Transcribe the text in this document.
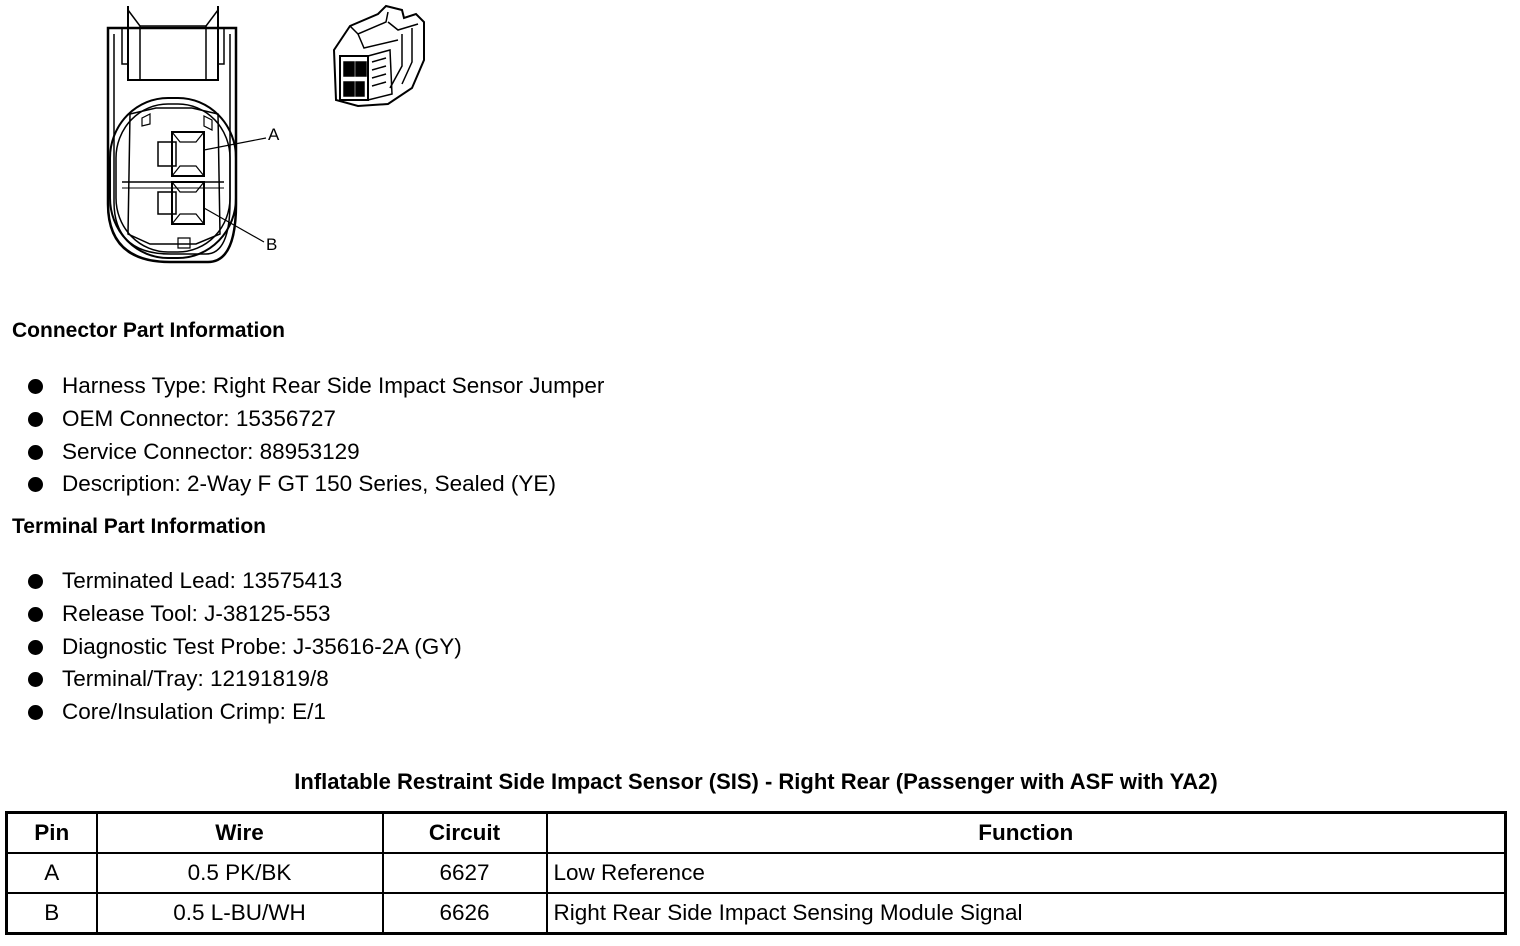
A
B
Connector Part Information
Harness Type: Right Rear Side Impact Sensor Jumper
OEM Connector: 15356727
Service Connector: 88953129
Description: 2-Way F GT 150 Series, Sealed (YE)
Terminal Part Information
Terminated Lead: 13575413
Release Tool: J-38125-553
Diagnostic Test Probe: J-35616-2A (GY)
Terminal/Tray: 12191819/8
Core/Insulation Crimp: E/1
Inflatable Restraint Side Impact Sensor (SIS) - Right Rear (Passenger with ASF with YA2)
Pin	Wire	Circuit	Function
A	0.5 PK/BK	6627	Low Reference
B	0.5 L-BU/WH	6626	Right Rear Side Impact Sensing Module Signal
